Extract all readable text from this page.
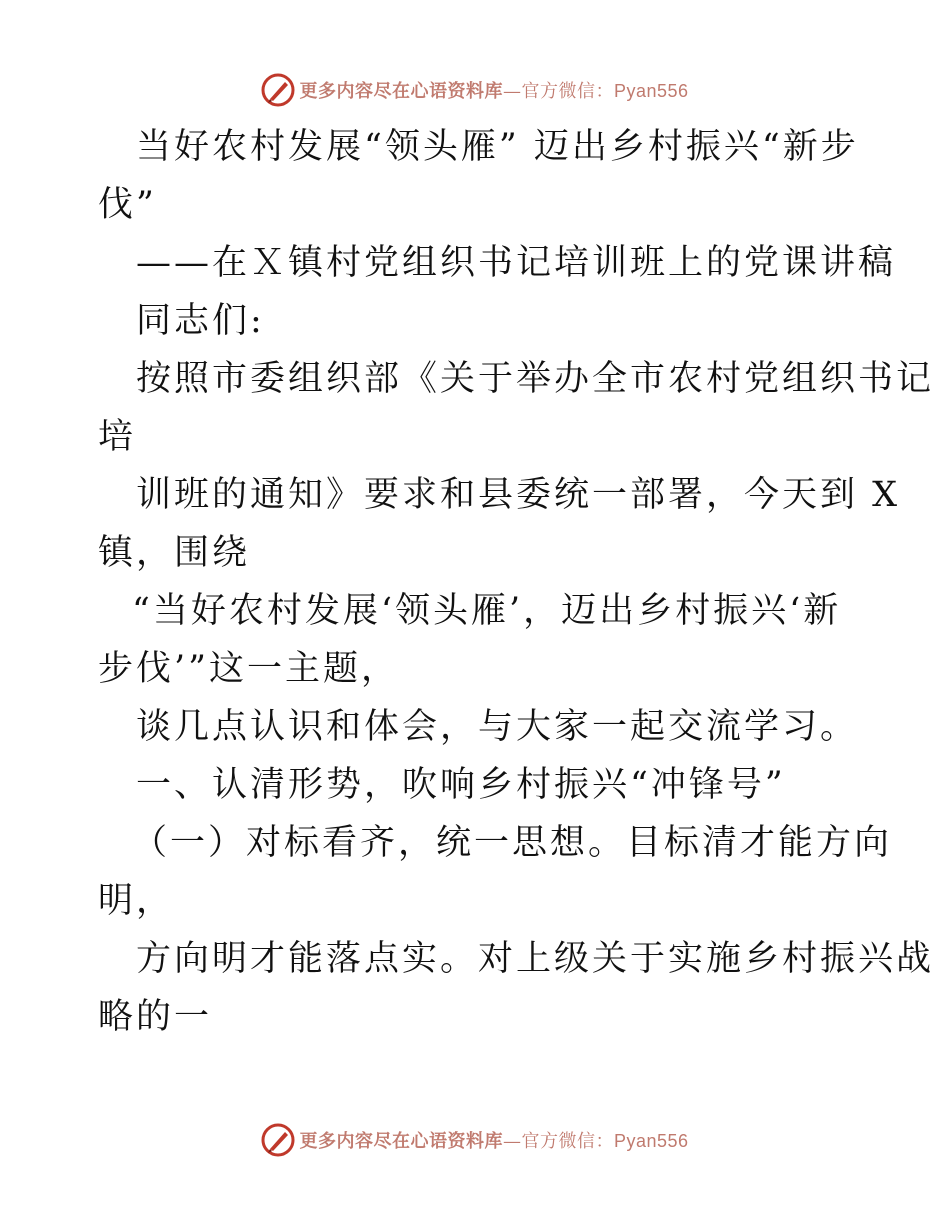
更多内容尽在心语资料库—官方微信：Pyan556
当好农村发展“领头雁” 迈出乡村振兴“新步
伐”
——在Ｘ镇村党组织书记培训班上的党课讲稿
同志们:
按照市委组织部《关于举办全市农村党组织书记
培
训班的通知》要求和县委统一部署，今天到 X
镇，围绕
“当好农村发展‘领头雁’，迈出乡村振兴‘新
步伐’”这一主题，
谈几点认识和体会，与大家一起交流学习。
一、认清形势，吹响乡村振兴“冲锋号”
（一）对标看齐，统一思想。目标清才能方向
明，
方向明才能落点实。对上级关于实施乡村振兴战
略的一
更多内容尽在心语资料库—官方微信：Pyan556
